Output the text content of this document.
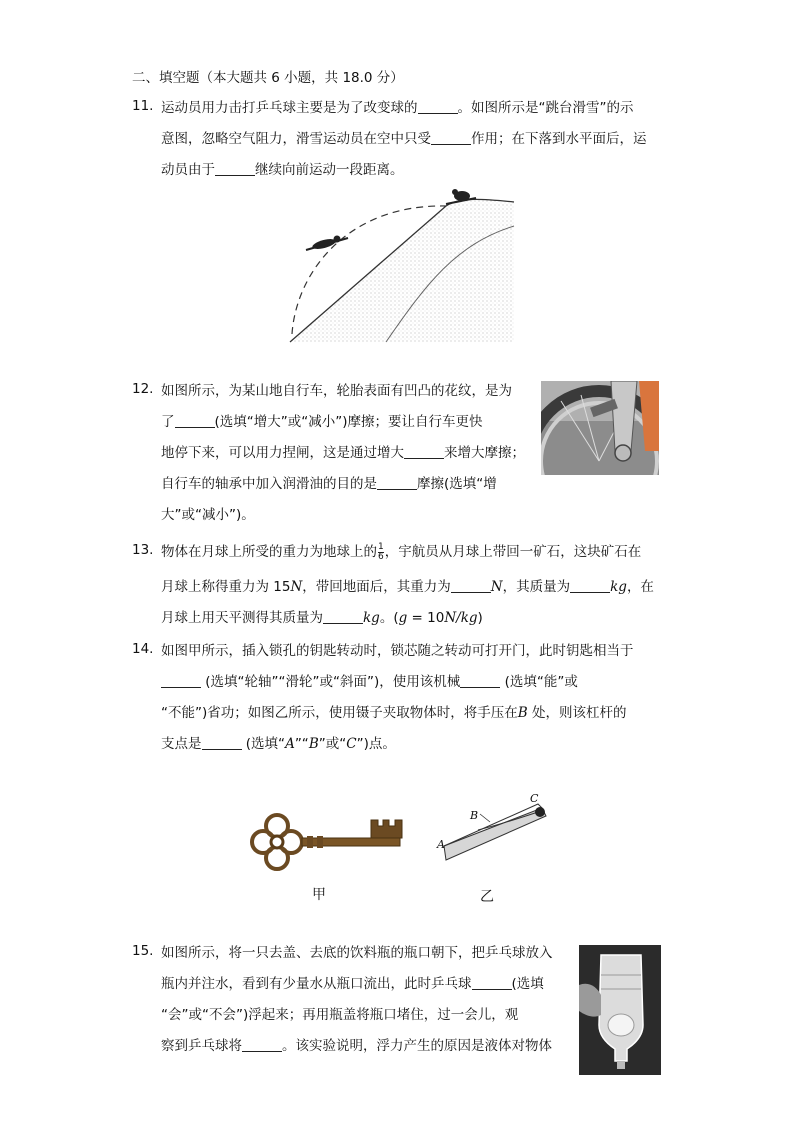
二、填空题（本大题共 6 小题，共 18.0 分）
11. 运动员用力击打乒乓球主要是为了改变球的	。如图所示是“跳台滑雪”的示
意图，忽略空气阻力，滑雪运动员在空中只受	作用；在下落到水平面后，运
动员由于	继续向前运动一段距离。
12. 如图所示，为某山地自行车，轮胎表面有凹凸的花纹，是为
了	(选填“增大”或“减小”)摩擦；要让自行车更快
地停下来，可以用力捏闸，这是通过增大	来增大摩擦；
自行车的轴承中加入润滑油的目的是	摩擦(选填“增
大”或“减小”)。
13. 物体在月球上所受的重力为地球上的 $\frac{1}{6}$ ，宇航员从月球上带回一矿石，这块矿石在
月球上称得重力为 15N，带回地面后，其重力为	N，其质量为	kg，在
月球上用天平测得其质量为	kg。(g = 10N/kg)
14. 如图甲所示，插入锁孔的钥匙转动时，锁芯随之转动可打开门，此时钥匙相当于
(选填“轮轴”“滑轮”或“斜面”)，使用该机械	(选填“能”或
“不能”)省功；如图乙所示，使用镊子夹取物体时，将手压在B 处，则该杠杆的
支点是	(选填“A”“B”或“C”)点。
甲
A
B
C
乙
15. 如图所示，将一只去盖、去底的饮料瓶的瓶口朝下，把乒乓球放入
瓶内并注水，看到有少量水从瓶口流出，此时乒乓球	(选填
“会”或“不会”)浮起来；再用瓶盖将瓶口堵住，过一会儿，观
察到乒乓球将	。该实验说明，浮力产生的原因是液体对物体
